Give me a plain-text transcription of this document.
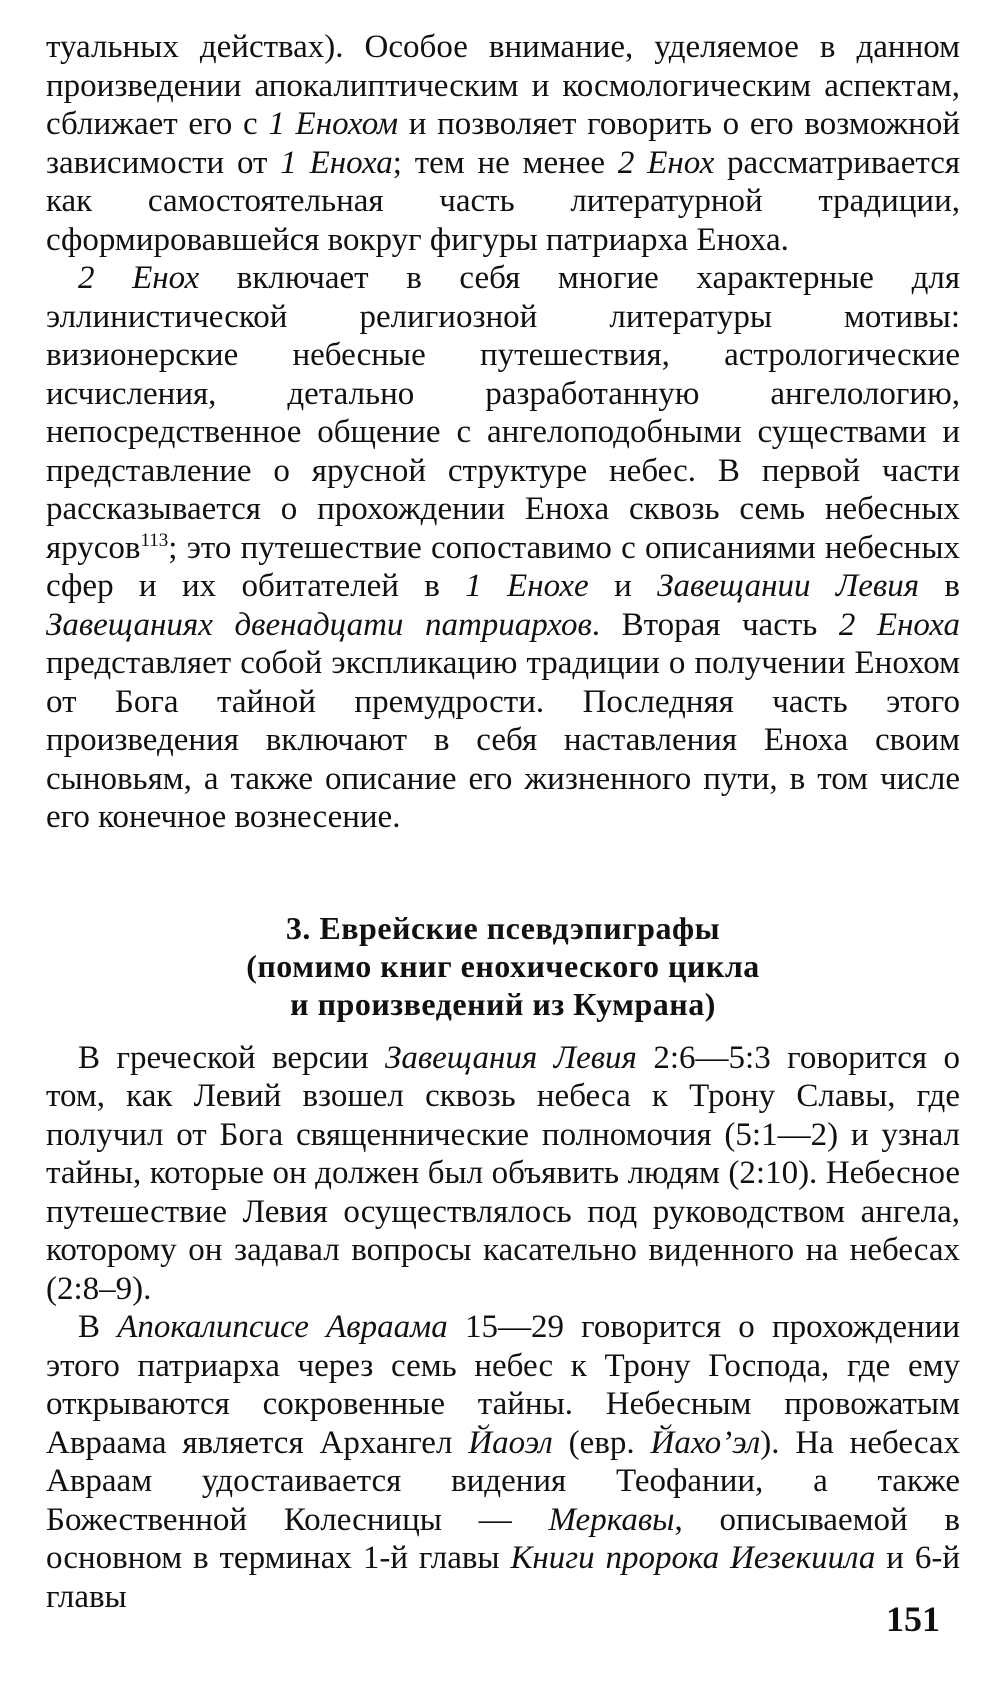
туальных действах). Особое внимание, уделяемое в данном произведении апокалиптическим и космологическим аспектам, сближает его с 1 Енохом и позволяет говорить о его возможной зависимости от 1 Еноха; тем не менее 2 Енох рассматривается как самостоятельная часть литературной традиции, сформировавшейся вокруг фигуры патриарха Еноха.

2 Енох включает в себя многие характерные для эллинистической религиозной литературы мотивы: визионерские небесные путешествия, астрологические исчисления, детально разработанную ангелологию, непосредственное общение с ангелоподобными существами и представление о ярусной структуре небес. В первой части рассказывается о прохождении Еноха сквозь семь небесных ярусов$^{113}$; это путешествие сопоставимо с описаниями небесных сфер и их обитателей в 1 Енохе и Завещании Левия в Завещаниях двенадцати патриархов. Вторая часть 2 Еноха представляет собой экспликацию традиции о получении Енохом от Бога тайной премудрости. Последняя часть этого произведения включают в себя наставления Еноха своим сыновьям, а также описание его жизненного пути, в том числе его конечное вознесение.

3. Еврейские псевдэпиграфы
(помимо книг енохического цикла
и произведений из Кумрана)

В греческой версии Завещания Левия 2:6—5:3 говорится о том, как Левий взошел сквозь небеса к Трону Славы, где получил от Бога священнические полномочия (5:1—2) и узнал тайны, которые он должен был объявить людям (2:10). Небесное путешествие Левия осуществлялось под руководством ангела, которому он задавал вопросы касательно виденного на небесах (2:8–9).

В Апокалипсисе Авраама 15—29 говорится о прохождении этого патриарха через семь небес к Трону Господа, где ему открываются сокровенные тайны. Небесным провожатым Авраама является Архангел Йаоэл (евр. Йахо’эл). На небесах Авраам удостаивается видения Теофании, а также Божественной Колесницы — Меркавы, описываемой в основном в терминах 1-й главы Книги пророка Иезекиила и 6-й главы

151
